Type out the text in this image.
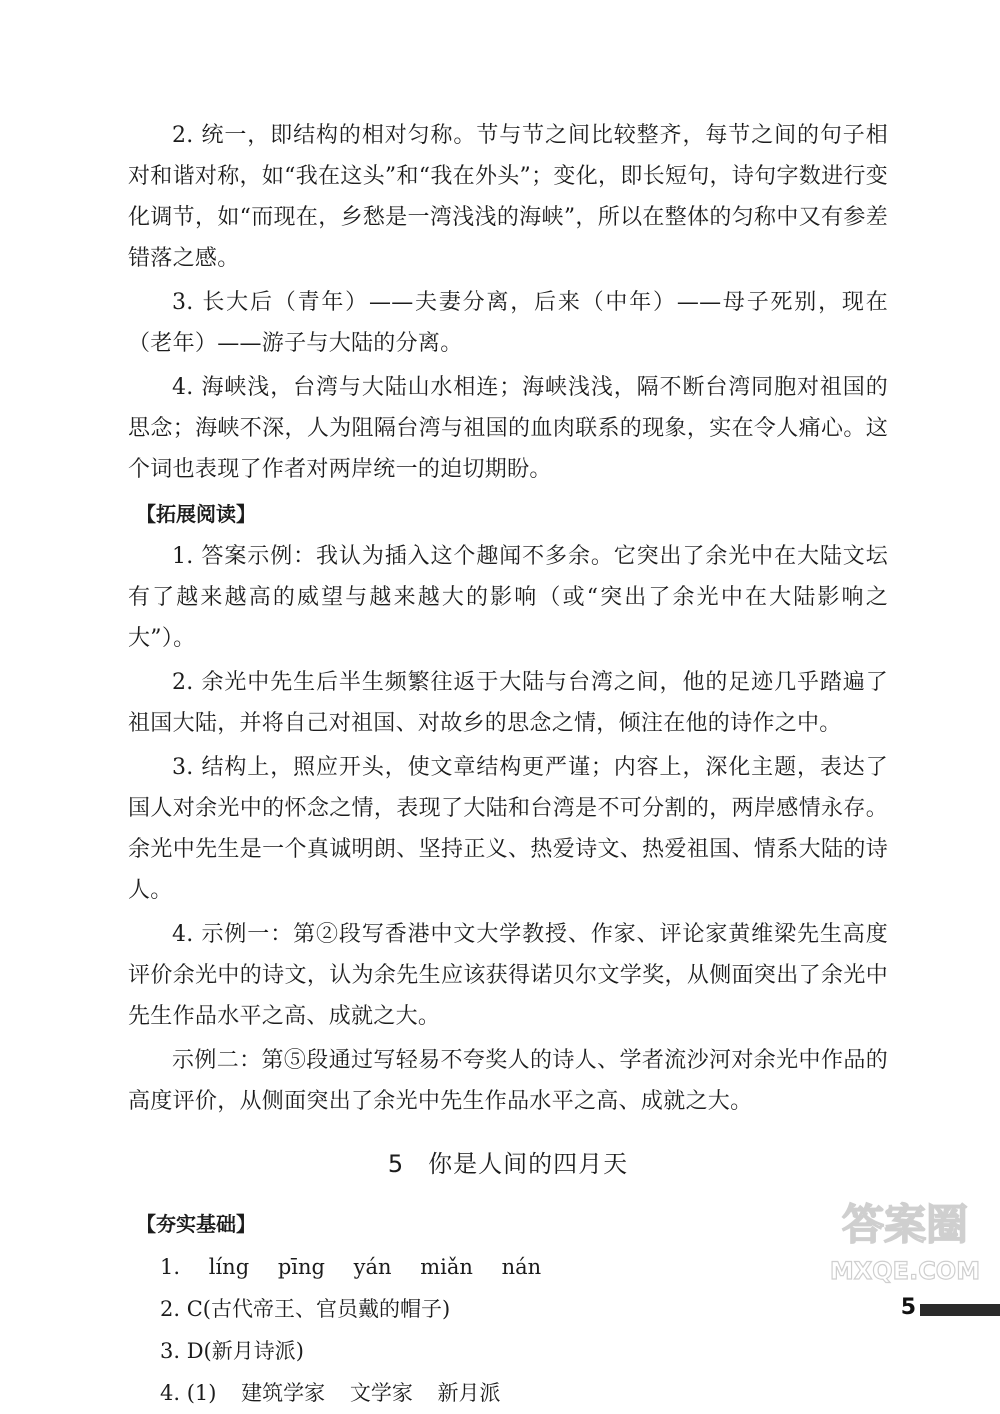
2. 统一，即结构的相对匀称。节与节之间比较整齐，每节之间的句子相对和谐对称，如“我在这头”和“我在外头”；变化，即长短句，诗句字数进行变化调节，如“而现在，乡愁是一湾浅浅的海峡”，所以在整体的匀称中又有参差错落之感。

3. 长大后（青年）——夫妻分离，后来（中年）——母子死别，现在（老年）——游子与大陆的分离。

4. 海峡浅，台湾与大陆山水相连；海峡浅浅，隔不断台湾同胞对祖国的思念；海峡不深，人为阻隔台湾与祖国的血肉联系的现象，实在令人痛心。这个词也表现了作者对两岸统一的迫切期盼。

【拓展阅读】

1. 答案示例：我认为插入这个趣闻不多余。它突出了余光中在大陆文坛有了越来越高的威望与越来越大的影响（或“突出了余光中在大陆影响之大”）。

2. 余光中先生后半生频繁往返于大陆与台湾之间，他的足迹几乎踏遍了祖国大陆，并将自己对祖国、对故乡的思念之情，倾注在他的诗作之中。

3. 结构上，照应开头，使文章结构更严谨；内容上，深化主题，表达了国人对余光中的怀念之情，表现了大陆和台湾是不可分割的，两岸感情永存。余光中先生是一个真诚明朗、坚持正义、热爱诗文、热爱祖国、情系大陆的诗人。

4. 示例一：第②段写香港中文大学教授、作家、评论家黄维梁先生高度评价余光中的诗文，认为余先生应该获得诺贝尔文学奖，从侧面突出了余光中先生作品水平之高、成就之大。

示例二：第⑤段通过写轻易不夸奖人的诗人、学者流沙河对余光中作品的高度评价，从侧面突出了余光中先生作品水平之高、成就之大。

5 你是人间的四月天
【夯实基础】
1. líng pīng yán miǎn nán
2. C(古代帝王、官员戴的帽子)
3. D(新月诗派)
4. (1) 建筑学家 文学家 新月派
答案圈
MXQE.COM
5
